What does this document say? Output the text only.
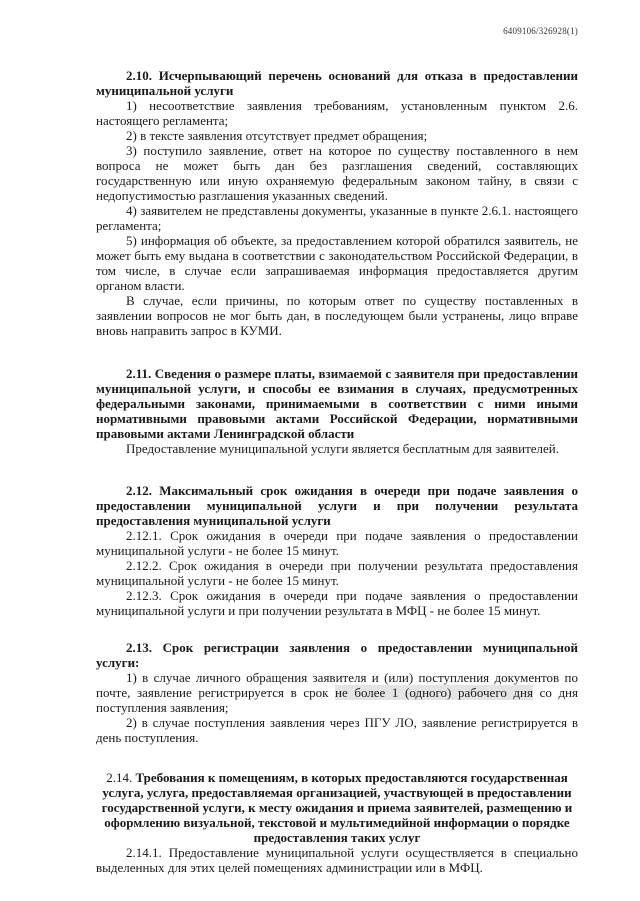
6409106/326928(1)

2.10. Исчерпывающий перечень оснований для отказа в предоставлении муниципальной услуги

1) несоответствие заявления требованиям, установленным пунктом 2.6. настоящего регламента;

2) в тексте заявления отсутствует предмет обращения;

3) поступило заявление, ответ на которое по существу поставленного в нем вопроса не может быть дан без разглашения сведений, составляющих государственную или иную охраняемую федеральным законом тайну, в связи с недопустимостью разглашения указанных сведений.

4) заявителем не представлены документы, указанные в пункте 2.6.1. настоящего регламента;

5) информация об объекте, за предоставлением которой обратился заявитель, не может быть ему выдана в соответствии с законодательством Российской Федерации, в том числе, в случае если запрашиваемая информация предоставляется другим органом власти.

В случае, если причины, по которым ответ по существу поставленных в заявлении вопросов не мог быть дан, в последующем были устранены, лицо вправе вновь направить запрос в КУМИ.

2.11. Сведения о размере платы, взимаемой с заявителя при предоставлении муниципальной услуги, и способы ее взимания в случаях, предусмотренных федеральными законами, принимаемыми в соответствии с ними иными нормативными правовыми актами Российской Федерации, нормативными правовыми актами Ленинградской области

Предоставление муниципальной услуги является бесплатным для заявителей.

2.12. Максимальный срок ожидания в очереди при подаче заявления о предоставлении муниципальной услуги и при получении результата предоставления муниципальной услуги

2.12.1. Срок ожидания в очереди при подаче заявления о предоставлении муниципальной услуги - не более 15 минут.

2.12.2. Срок ожидания в очереди при получении результата предоставления муниципальной услуги - не более 15 минут.

2.12.3. Срок ожидания в очереди при подаче заявления о предоставлении муниципальной услуги и при получении результата в МФЦ - не более 15 минут.

2.13. Срок регистрации заявления о предоставлении муниципальной услуги:

1) в случае личного обращения заявителя и (или) поступления документов по почте, заявление регистрируется в срок не более 1 (одного) рабочего дня со дня поступления заявления;

2) в случае поступления заявления через ПГУ ЛО, заявление регистрируется в день поступления.

2.14. Требования к помещениям, в которых предоставляются государственная услуга, услуга, предоставляемая организацией, участвующей в предоставлении государственной услуги, к месту ожидания и приема заявителей, размещению и оформлению визуальной, текстовой и мультимедийной информации о порядке предоставления таких услуг

2.14.1. Предоставление муниципальной услуги осуществляется в специально выделенных для этих целей помещениях администрации или в МФЦ.
